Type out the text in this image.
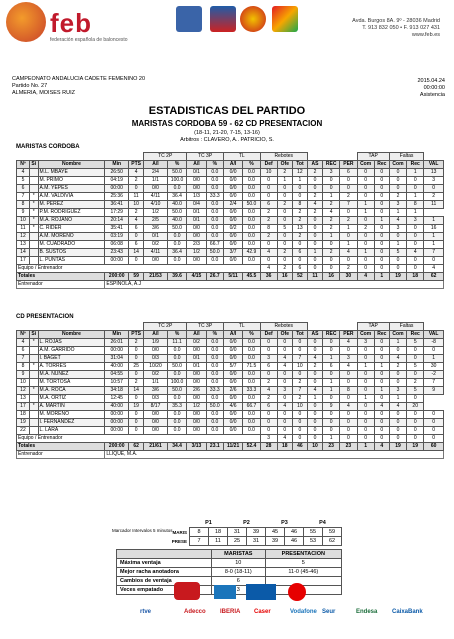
feb
federación española de baloncesto
Avda. Burgos 8A. 9º - 28036 Madrid
T. 913 832 050 • F. 913 027 431
www.feb.es
CAMPEONATO ANDALUCIA CADETE FEMENINO 20
Partido No. 27
ALMERIA, MOISES RUIZ
2015.04.24
00:00:00
Asistencia
ESTADISTICAS DEL PARTIDO
MARISTAS CORDOBA 59 - 62 CD PRESENTACION
(18-11, 21-20, 7-15, 13-16)
Arbitros : CLAVERO, A.. PATRICIO, S.
MARISTAS CORDOBA
					TC 2P		TC 3P		TL		Rebotes						TAP		Faltas		
Nº	Si	Nombre	Min	PTS	A/I	%	A/I	%	A/I	%	Def	Ofe	Tot	AS	REC	PER	Com	Rec	Com	Rec	VAL
4		M.L. MBAYE	26:50	4	2/4	50.0	0/1	0.0	0/0	0.0	10	2	12	2	3	6	0	0	0	1	13
5		M. PRIMO	04:19	2	1/1	100.0	0/0	0.0	0/0	0.0	0	1	1	0	0	0	0	0	0	0	3
6		A.M. YEPES	00:00	0	0/0	0.0	0/0	0.0	0/0	0.0	0	0	0	0	0	0	0	0	0	0	0
7	*	A.M. VALDIVIA	25:36	11	4/11	36.4	1/3	33.3	0/0	0.0	0	0	0	2	1	2	0	0	2	1	2
8	*	M. PEREZ	36:41	10	4/10	40.0	0/4	0.0	2/4	50.0	6	2	8	4	2	7	1	0	3	8	11
9	*	P.M. RODRIGUEZ	17:29	2	1/2	50.0	0/1	0.0	0/0	0.0	2	0	2	2	4	0	1	0	1	1	
10	*	M.A. ROJANO	20:14	4	2/5	40.0	0/1	0.0	0/0	0.0	2	0	2	0	2	2	0	1	4	3	1
11	*	C. RIDER	35:41	6	3/6	50.0	0/0	0.0	0/2	0.0	8	5	13	0	2	1	2	0	3	0	16
12		A.M. MORENO	03:19	0	0/1	0.0	0/0	0.0	0/0	0.0	2	0	2	0	1	0	0	0	0	0	1
13		M. CUADRADO	06:08	6	0/2	0.0	2/3	66.7	0/0	0.0	0	0	0	0	0	1	0	0	1	0	1
14		B. SUSTOS	23:43	14	4/11	36.4	1/2	50.0	3/7	42.9	4	2	6	1	2	4	1	0	5	4	7
17		L. PUNTAS	00:00	0	0/0	0.0	0/0	0.0	0/0	0.0	0	0	0	0	0	0	0	0	0	0	0
Equipo / Entrenador											4	2	6	0	0	2	0	0	0	0	4
Totales			200:00	59	21/53	39.6	4/15	26.7	5/11	45.5	36	16	52	11	16	30	4	1	19	18	62
Entrenador			ESPINOLA, A.J																		
CD PRESENTACION
					TC 2P		TC 3P		TL		Rebotes						TAP		Faltas		
Nº	Si	Nombre	Min	PTS	A/I	%	A/I	%	A/I	%	Def	Ofe	Tot	AS	REC	PER	Com	Rec	Com	Rec	VAL
4	*	L. ROJAS	26:01	2	1/9	11.1	0/2	0.0	0/0	0.0	0	0	0	0	0	4	3	0	1	5	-8
6		A.M. GARRIDO	00:00	0	0/0	0.0	0/0	0.0	0/0	0.0	0	0	0	0	0	0	0	0	0	0	0
7		I. BAGET	31:04	0	0/3	0.0	0/1	0.0	0/0	0.0	3	4	7	4	1	3	0	0	4	0	1
8	*	A. TORRES	40:00	25	10/20	50.0	0/1	0.0	5/7	71.5	6	4	10	2	6	4	1	1	2	5	30
9		M.A. NUÑEZ	04:55	0	0/2	0.0	0/0	0.0	0/0	0.0	0	0	0	0	0	0	0	0	0	0	-2
10		M. TORTOSA	10:57	2	1/1	100.0	0/0	0.0	0/0	0.0	2	0	2	0	1	0	0	0	0	2	7
12	*	M.A. ROCA	34:18	14	3/6	50.0	2/6	33.3	2/6	33.3	4	3	7	4	1	8	0	1	3	5	9
13		M.A. ORTIZ	12:45	0	0/3	0.0	0/0	0.0	0/0	0.0	2	0	2	1	0	0	1	0	1	0	
17	*	A. MARTIN	40:00	19	8/17	35.3	1/2	50.0	4/6	66.7	6	4	10	0	9	4	0	4	4	20	
18		M. MORENO	00:00	0	0/0	0.0	0/0	0.0	0/0	0.0	0	0	0	0	0	0	0	0	0	0	0
19		I. FERNANDEZ	00:00	0	0/0	0.0	0/0	0.0	0/0	0.0	0	0	0	0	0	0	0	0	0	0	0
22		L. LARA	00:00	0	0/0	0.0	0/0	0.0	0/0	0.0	0	0	0	0	0	0	0	0	0	0	0
Equipo / Entrenador											3	4	0	0	1	0	0	0	0	0	0
Totales			200:00	62	21/61	34.4	3/13	23.1	11/21	52.4	28	18	46	10	23	23	1	4	19	19	60
Entrenador			LLIQUE, M.A.																		
Marcador Intervalos 5 minutos
	P1		P2		P3		P4	
MARIS	8	18	31	39	45	46	55	59
PRESE	7	11	25	31	39	46	53	62
	MARISTAS	PRESENTACION
Máxima ventaja	10	5
Mejor racha anotadora	8-0 (18-11)	11-0 (45-46)
Cambios de ventaja	6	
Veces empatado	3	
rtve	Adecco IBERIA Caser	Vodafone Seur	Endesa CaixaBank
